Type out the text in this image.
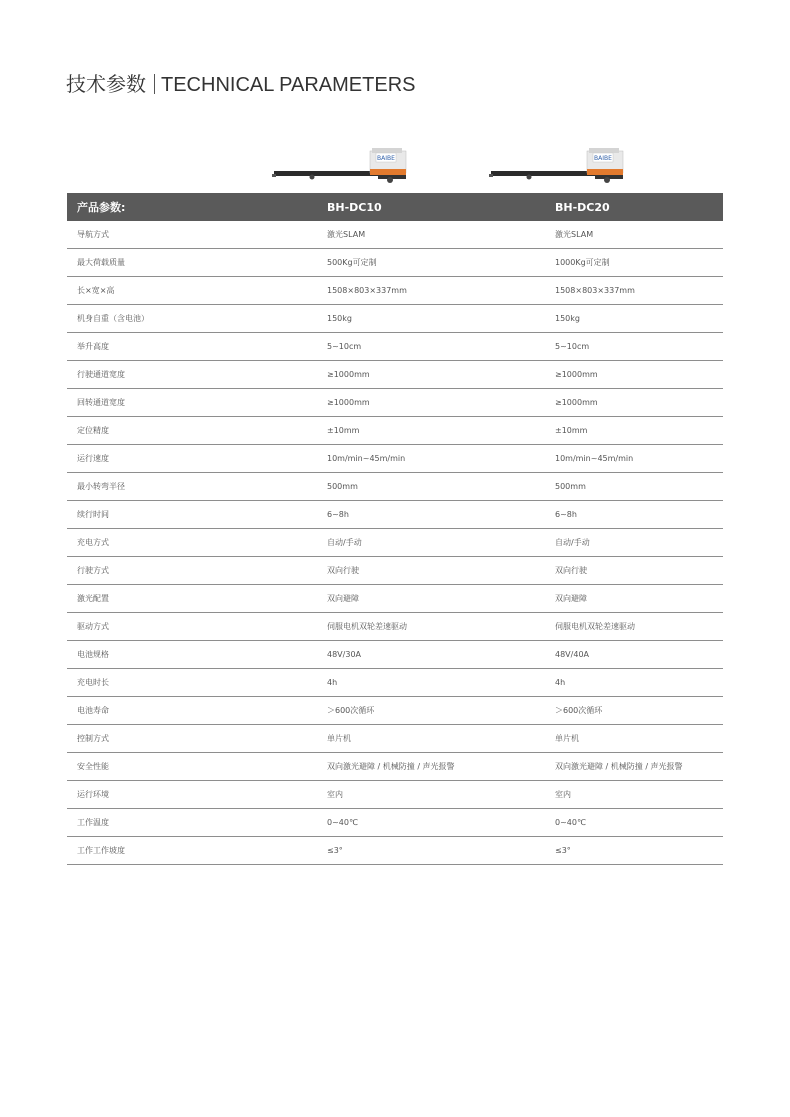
技术参数 TECHNICAL PARAMETERS
BAIBE	BAIBE
产品参数:	BH-DC10	BH-DC20
导航方式	激光SLAM	激光SLAM
最大荷载质量	500Kg可定制	1000Kg可定制
长×宽×高	1508×803×337mm	1508×803×337mm
机身自重（含电池）	150kg	150kg
举升高度	5~10cm	5~10cm
行驶通道宽度	≥1000mm	≥1000mm
回转通道宽度	≥1000mm	≥1000mm
定位精度	±10mm	±10mm
运行速度	10m/min~45m/min	10m/min~45m/min
最小转弯半径	500mm	500mm
续行时间	6~8h	6~8h
充电方式	自动/手动	自动/手动
行驶方式	双向行驶	双向行驶
激光配置	双向避障	双向避障
驱动方式	伺服电机双轮差速驱动	伺服电机双轮差速驱动
电池规格	48V/30A	48V/40A
充电时长	4h	4h
电池寿命	＞600次循环	＞600次循环
控制方式	单片机	单片机
安全性能	双向激光避障 / 机械防撞 / 声光报警	双向激光避障 / 机械防撞 / 声光报警
运行环境	室内	室内
工作温度	0~40℃	0~40℃
工作工作坡度	≤3°	≤3°
